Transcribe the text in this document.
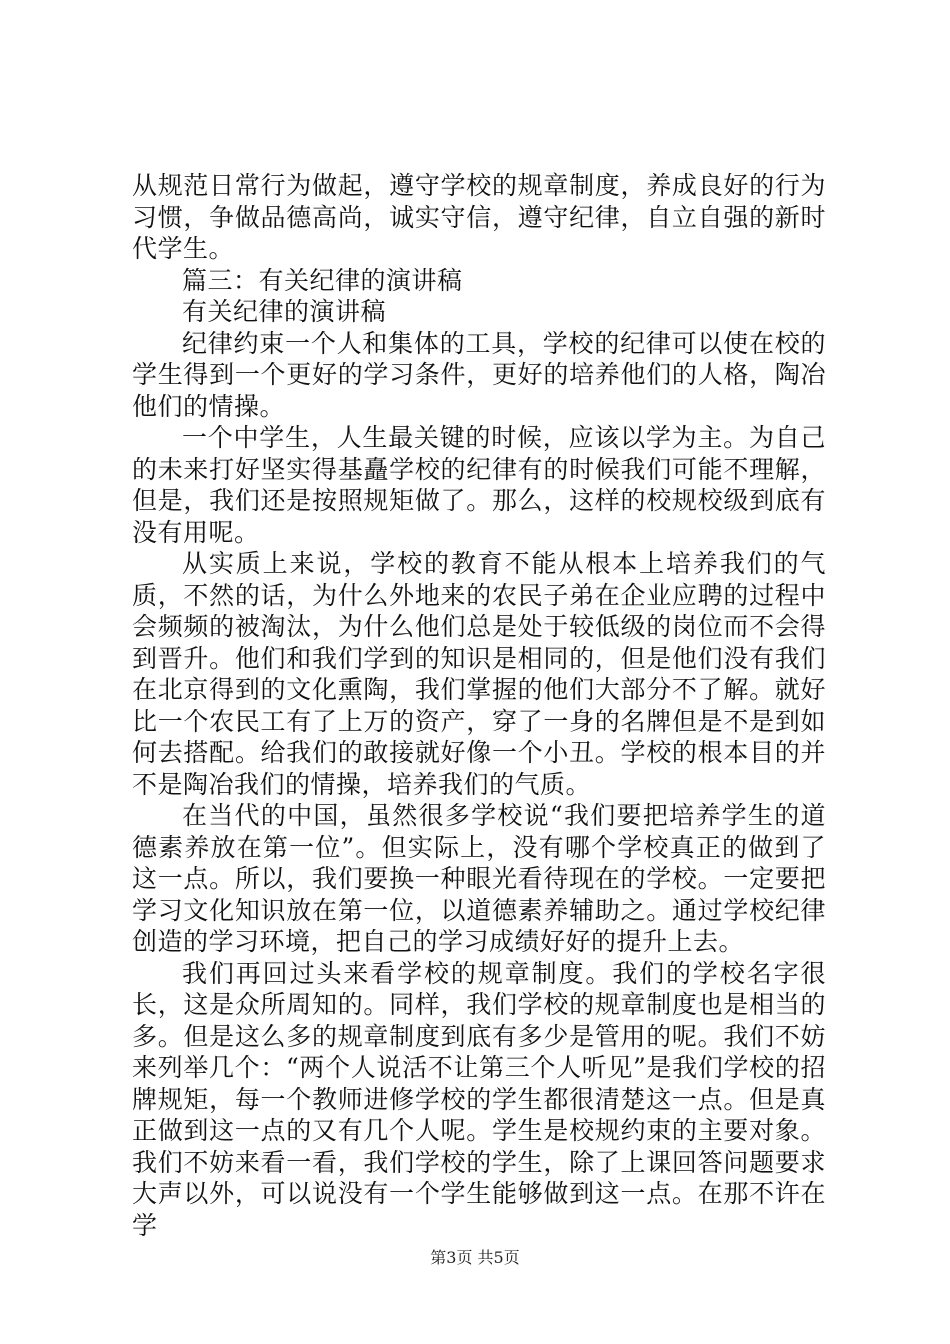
从规范日常行为做起，遵守学校的规章制度，养成良好的行为习惯，争做品德高尚，诚实守信，遵守纪律，自立自强的新时代学生。

篇三：有关纪律的演讲稿

有关纪律的演讲稿

纪律约束一个人和集体的工具，学校的纪律可以使在校的学生得到一个更好的学习条件，更好的培养他们的人格，陶冶他们的情操。

一个中学生，人生最关键的时候，应该以学为主。为自己的未来打好坚实得基矗学校的纪律有的时候我们可能不理解，但是，我们还是按照规矩做了。那么，这样的校规校级到底有没有用呢。

从实质上来说，学校的教育不能从根本上培养我们的气质，不然的话，为什么外地来的农民子弟在企业应聘的过程中会频频的被淘汰，为什么他们总是处于较低级的岗位而不会得到晋升。他们和我们学到的知识是相同的，但是他们没有我们在北京得到的文化熏陶，我们掌握的他们大部分不了解。就好比一个农民工有了上万的资产，穿了一身的名牌但是不是到如何去搭配。给我们的敢接就好像一个小丑。学校的根本目的并不是陶冶我们的情操，培养我们的气质。

在当代的中国，虽然很多学校说“我们要把培养学生的道德素养放在第一位”。但实际上，没有哪个学校真正的做到了这一点。所以，我们要换一种眼光看待现在的学校。一定要把学习文化知识放在第一位，以道德素养辅助之。通过学校纪律创造的学习环境，把自己的学习成绩好好的提升上去。

我们再回过头来看学校的规章制度。我们的学校名字很长，这是众所周知的。同样，我们学校的规章制度也是相当的多。但是这么多的规章制度到底有多少是管用的呢。我们不妨来列举几个：“两个人说活不让第三个人听见”是我们学校的招牌规矩，每一个教师进修学校的学生都很清楚这一点。但是真正做到这一点的又有几个人呢。学生是校规约束的主要对象。我们不妨来看一看，我们学校的学生，除了上课回答问题要求大声以外，可以说没有一个学生能够做到这一点。在那不许在学

第3页 共5页
